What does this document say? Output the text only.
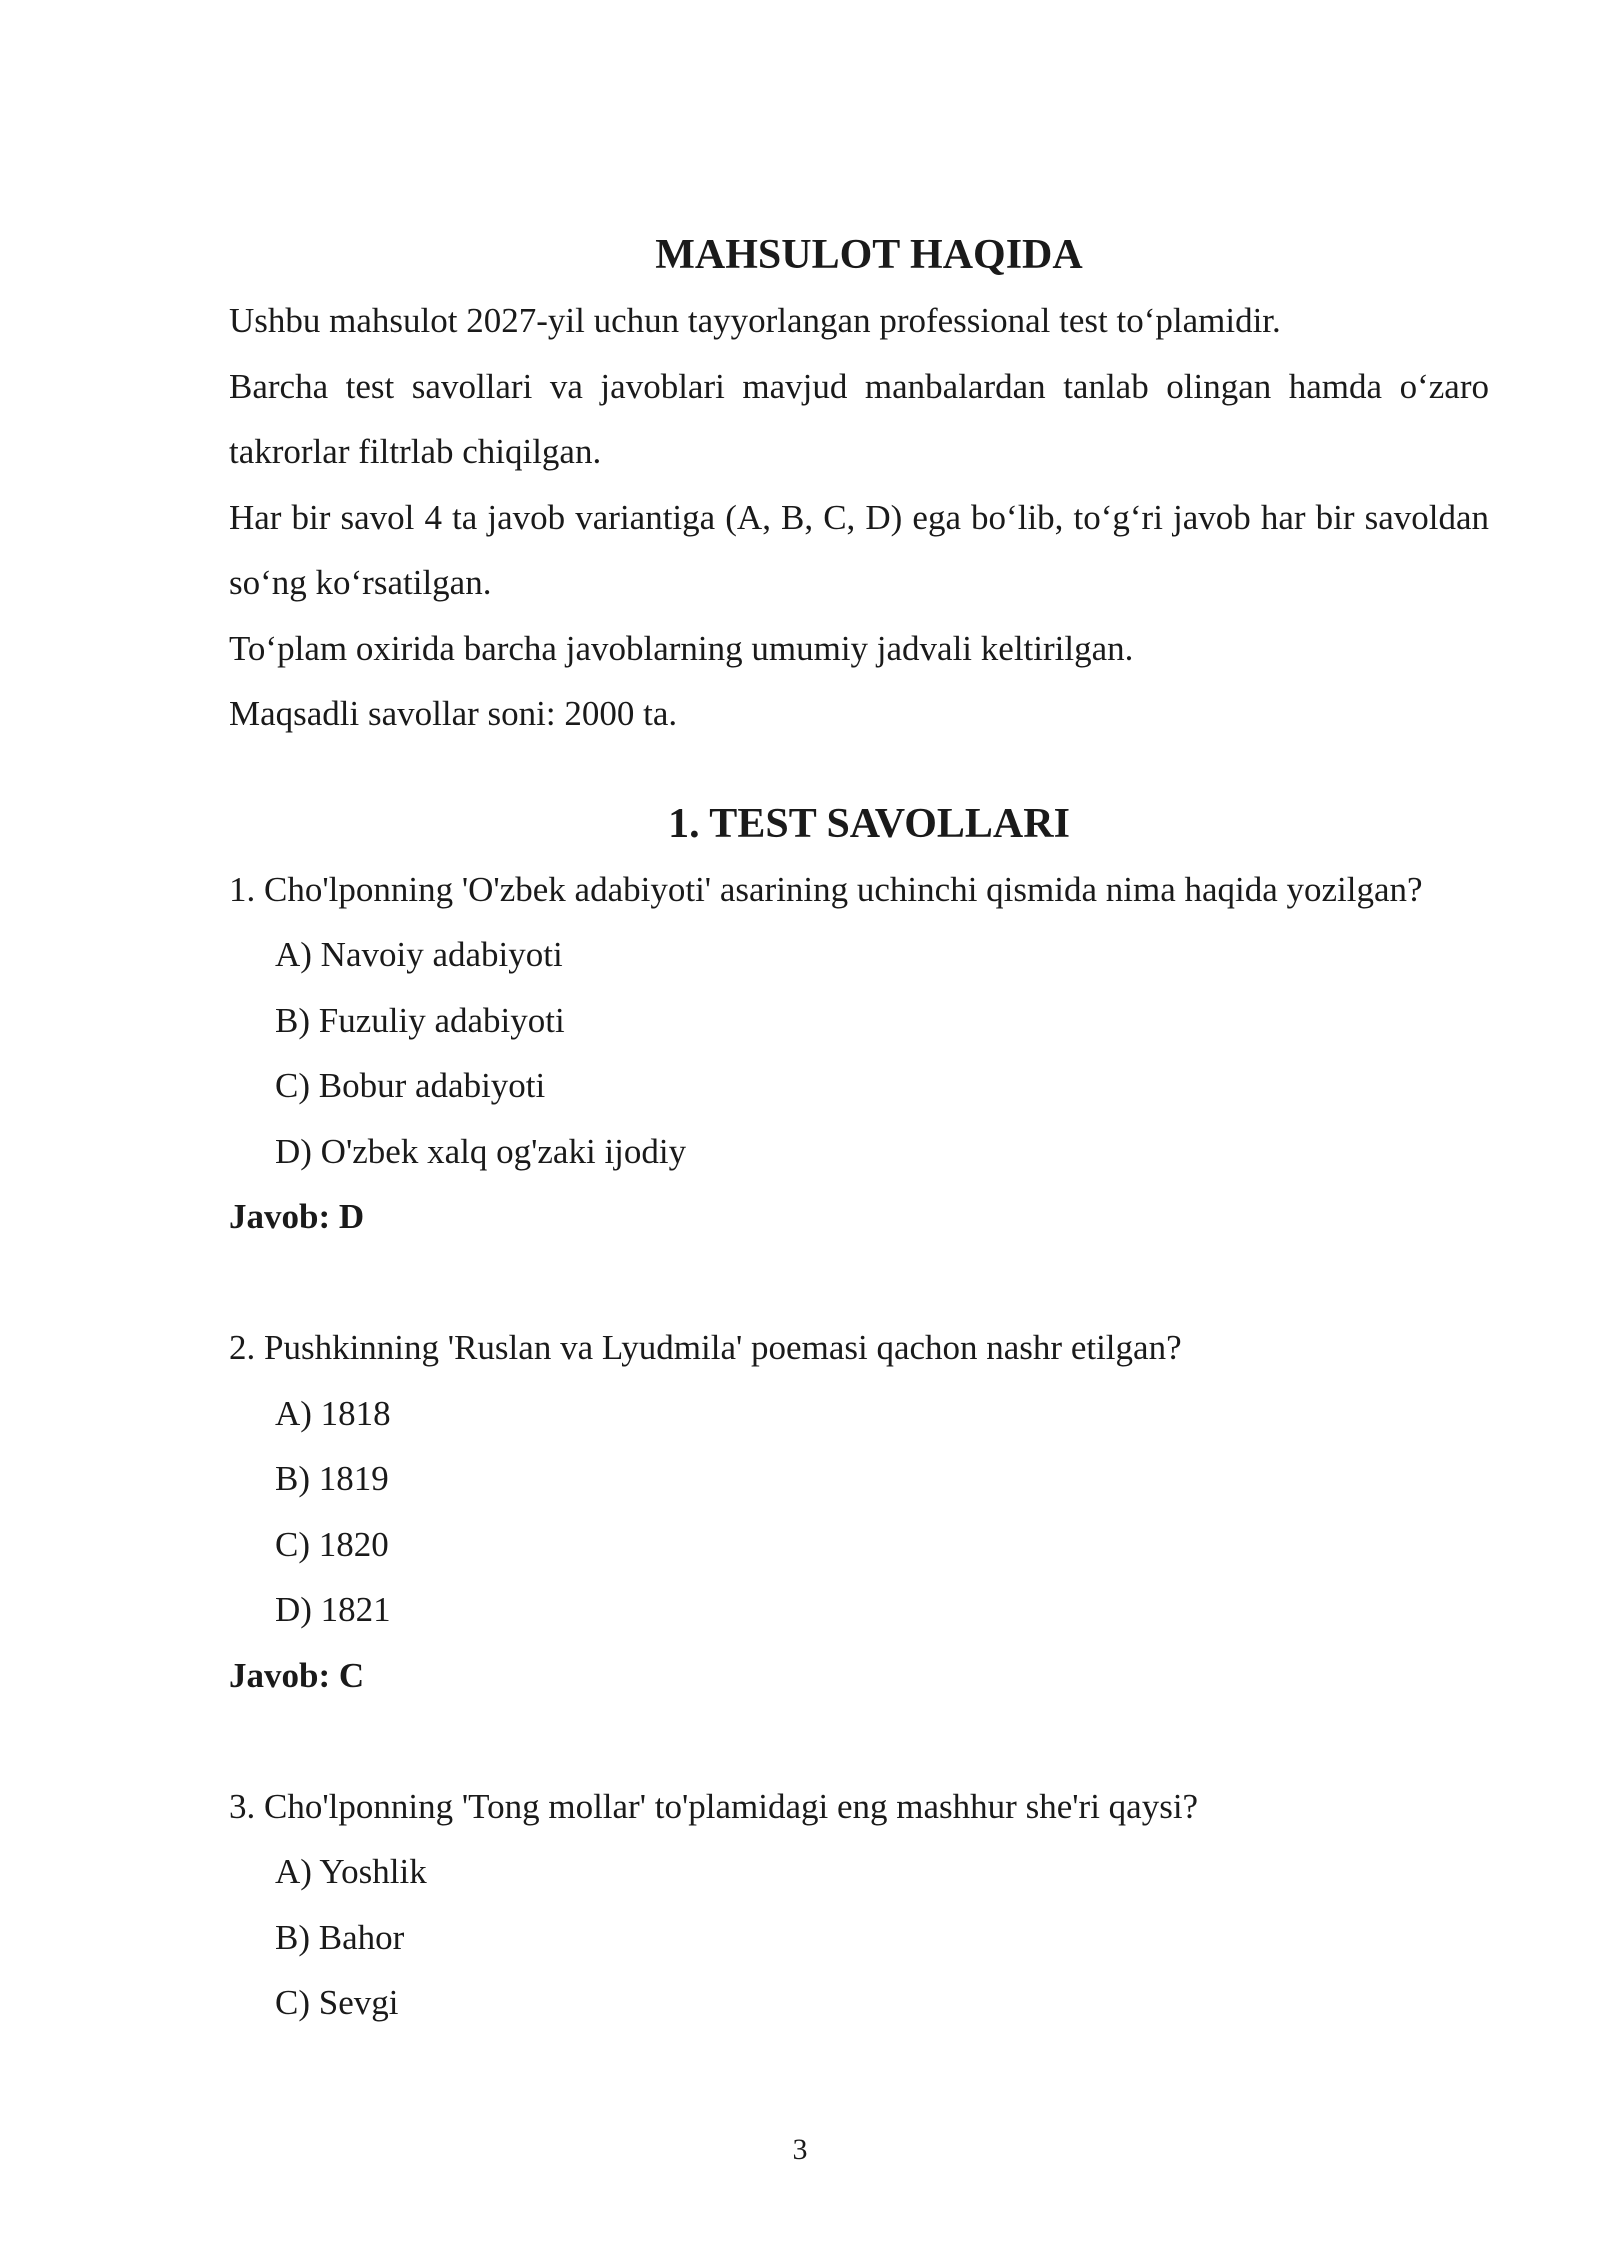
MAHSULOT HAQIDA

Ushbu mahsulot 2027-yil uchun tayyorlangan professional test to‘plamidir.

Barcha test savollari va javoblari mavjud manbalardan tanlab olingan hamda o‘zaro takrorlar filtrlab chiqilgan.

Har bir savol 4 ta javob variantiga (A, B, C, D) ega bo‘lib, to‘g‘ri javob har bir savoldan so‘ng ko‘rsatilgan.

To‘plam oxirida barcha javoblarning umumiy jadvali keltirilgan.

Maqsadli savollar soni: 2000 ta.

1. TEST SAVOLLARI

1. Cho'lponning 'O'zbek adabiyoti' asarining uchinchi qismida nima haqida yozilgan?

A) Navoiy adabiyoti

B) Fuzuliy adabiyoti

C) Bobur adabiyoti

D) O'zbek xalq og'zaki ijodiy

Javob: D

2. Pushkinning 'Ruslan va Lyudmila' poemasi qachon nashr etilgan?

A) 1818

B) 1819

C) 1820

D) 1821

Javob: C

3. Cho'lponning 'Tong mollar' to'plamidagi eng mashhur she'ri qaysi?

A) Yoshlik

B) Bahor

C) Sevgi

3
